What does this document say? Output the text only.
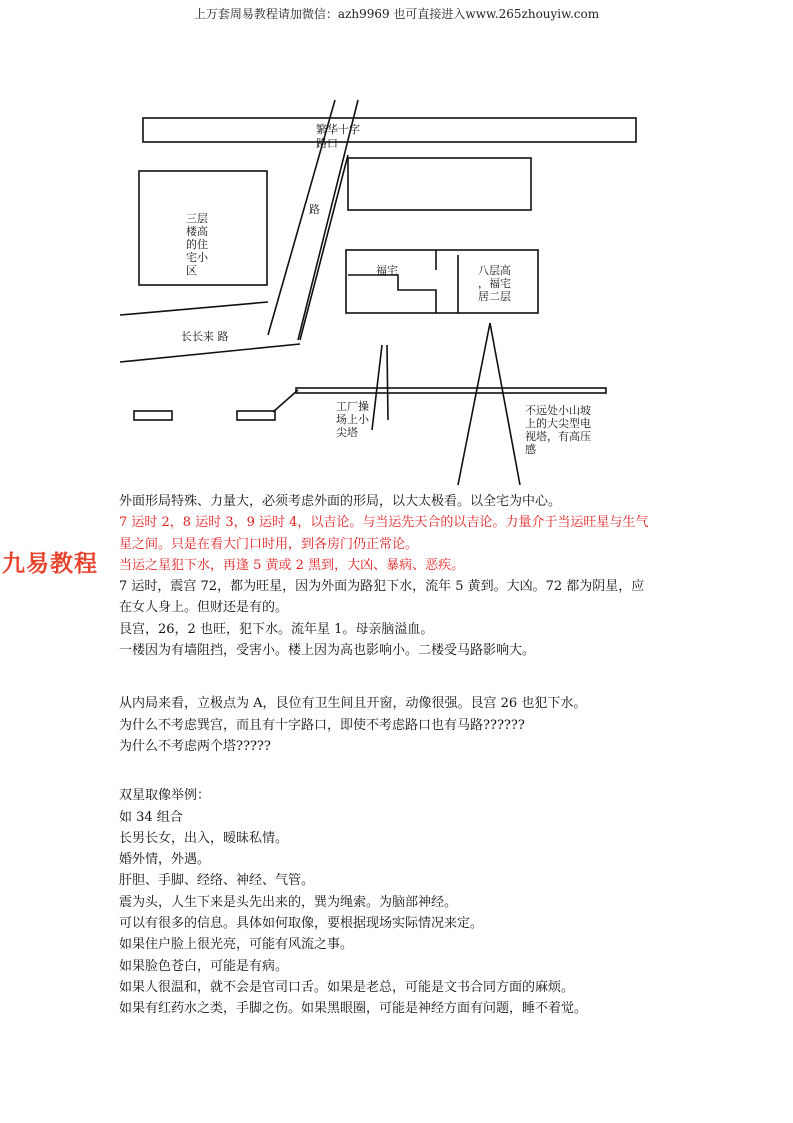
上万套周易教程请加微信：azh9969 也可直接进入www.265zhouyiw.com
繁华十字
路口
路
三层
楼高
的住
宅小
区	福宅	八层高
，福宅
居二层
长长来 路
工厂操
场上小
尖塔
不远处小山坡
上的大尖型电
视塔，有高压
感
九易教程

外面形局特殊、力量大，必须考虑外面的形局，以大太极看。以全宅为中心。

7 运时 2，8 运时 3，9 运时 4，以吉论。与当运先天合的以吉论。力量介于当运旺星与生气

星之间。只是在看大门口时用，到各房门仍正常论。

当运之星犯下水，再逢 5 黄或 2 黑到，大凶、暴病、恶疾。

7 运时，震宫 72，都为旺星，因为外面为路犯下水，流年 5 黄到。大凶。72 都为阴星，应

在女人身上。但财还是有的。

艮宫，26，2 也旺，犯下水。流年星 1。母亲脑溢血。

一楼因为有墙阻挡，受害小。楼上因为高也影响小。二楼受马路影响大。

从内局来看，立极点为 A，艮位有卫生间且开窗，动像很强。艮宫 26 也犯下水。

为什么不考虑巽宫，而且有十字路口，即使不考虑路口也有马路??????

为什么不考虑两个塔?????

双星取像举例：

如 34 组合

长男长女，出入，暧昧私情。

婚外情，外遇。

肝胆、手脚、经络、神经、气管。

震为头，人生下来是头先出来的，巽为绳索。为脑部神经。

可以有很多的信息。具体如何取像，要根据现场实际情况来定。

如果住户脸上很光亮，可能有风流之事。

如果脸色苍白，可能是有病。

如果人很温和，就不会是官司口舌。如果是老总，可能是文书合同方面的麻烦。

如果有红药水之类，手脚之伤。如果黑眼圈，可能是神经方面有问题，睡不着觉。
